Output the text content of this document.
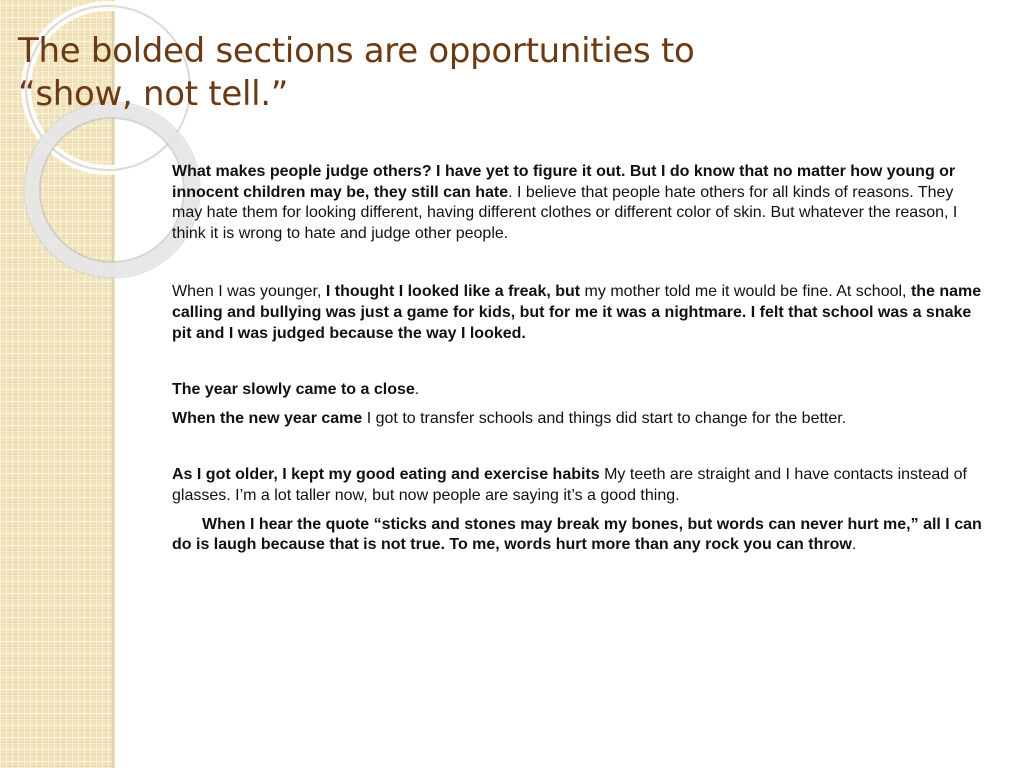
The bolded sections are opportunities to
“show, not tell.”

What makes people judge others? I have yet to figure it out. But I do know that no matter how young or innocent children may be, they still can hate. I believe that people hate others for all kinds of reasons. They may hate them for looking different, having different clothes or different color of skin. But whatever the reason, I think it is wrong to hate and judge other people.

When I was younger, I thought I looked like a freak, but my mother told me it would be fine. At school, the name calling and bullying was just a game for kids, but for me it was a nightmare. I felt that school was a snake pit and I was judged because the way I looked.

The year slowly came to a close.

When the new year came I got to transfer schools and things did start to change for the better.

As I got older, I kept my good eating and exercise habits My teeth are straight and I have contacts instead of glasses. I’m a lot taller now, but now people are saying it’s a good thing.

When I hear the quote “sticks and stones may break my bones, but words can never hurt me,” all I can do is laugh because that is not true. To me, words hurt more than any rock you can throw.
